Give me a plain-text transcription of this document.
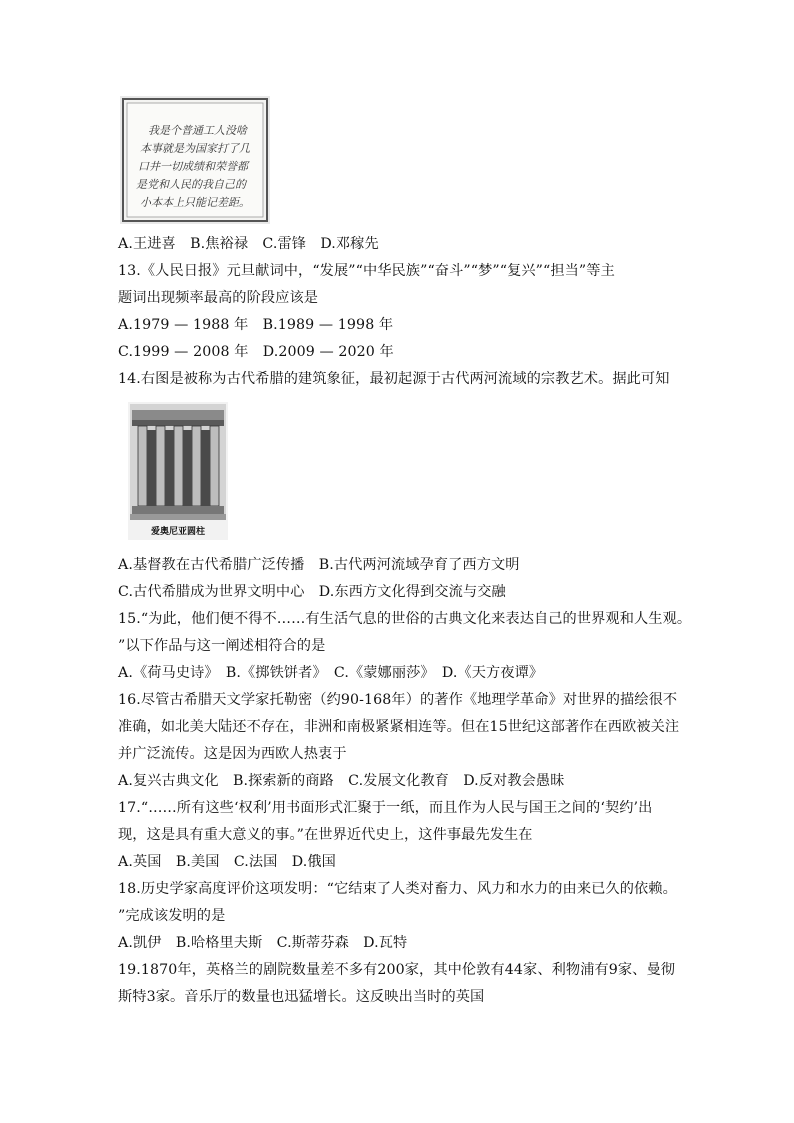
我是个普通工人没啥
本事就是为国家打了几
口井一切成绩和荣誉都
是党和人民的我自己的
小本本上只能记差距。
A.王进喜　B.焦裕禄　C.雷锋　D.邓稼先
13.《人民日报》元旦献词中，“发展”“中华民族”“奋斗”“梦”“复兴”“担当”等主
题词出现频率最高的阶段应该是
A.1979 — 1988 年　B.1989 — 1998 年
C.1999 — 2008 年　D.2009 — 2020 年
14.右图是被称为古代希腊的建筑象征，最初起源于古代两河流域的宗教艺术。据此可知
爱奥尼亚圆柱
A.基督教在古代希腊广泛传播　B.古代两河流域孕育了西方文明
C.古代希腊成为世界文明中心　D.东西方文化得到交流与交融
15.“为此，他们便不得不……有生活气息的世俗的古典文化来表达自己的世界观和人生观。
”以下作品与这一阐述相符合的是
A.《荷马史诗》　B.《掷铁饼者》　C.《蒙娜丽莎》　D.《天方夜谭》
16.尽管古希腊天文学家托勒密（约90-168年）的著作《地理学革命》对世界的描绘很不
准确，如北美大陆还不存在，非洲和南极紧紧相连等。但在15世纪这部著作在西欧被关注
并广泛流传。这是因为西欧人热衷于
A.复兴古典文化　B.探索新的商路　C.发展文化教育　D.反对教会愚昧
17.“……所有这些‘权利’用书面形式汇聚于一纸，而且作为人民与国王之间的‘契约’出
现，这是具有重大意义的事。”在世界近代史上，这件事最先发生在
A.英国　B.美国　C.法国　D.俄国
18.历史学家高度评价这项发明：“它结束了人类对畜力、风力和水力的由来已久的依赖。
”完成该发明的是
A.凯伊　B.哈格里夫斯　C.斯蒂芬森　D.瓦特
19.1870年，英格兰的剧院数量差不多有200家，其中伦敦有44家、利物浦有9家、曼彻
斯特3家。音乐厅的数量也迅猛增长。这反映出当时的英国
